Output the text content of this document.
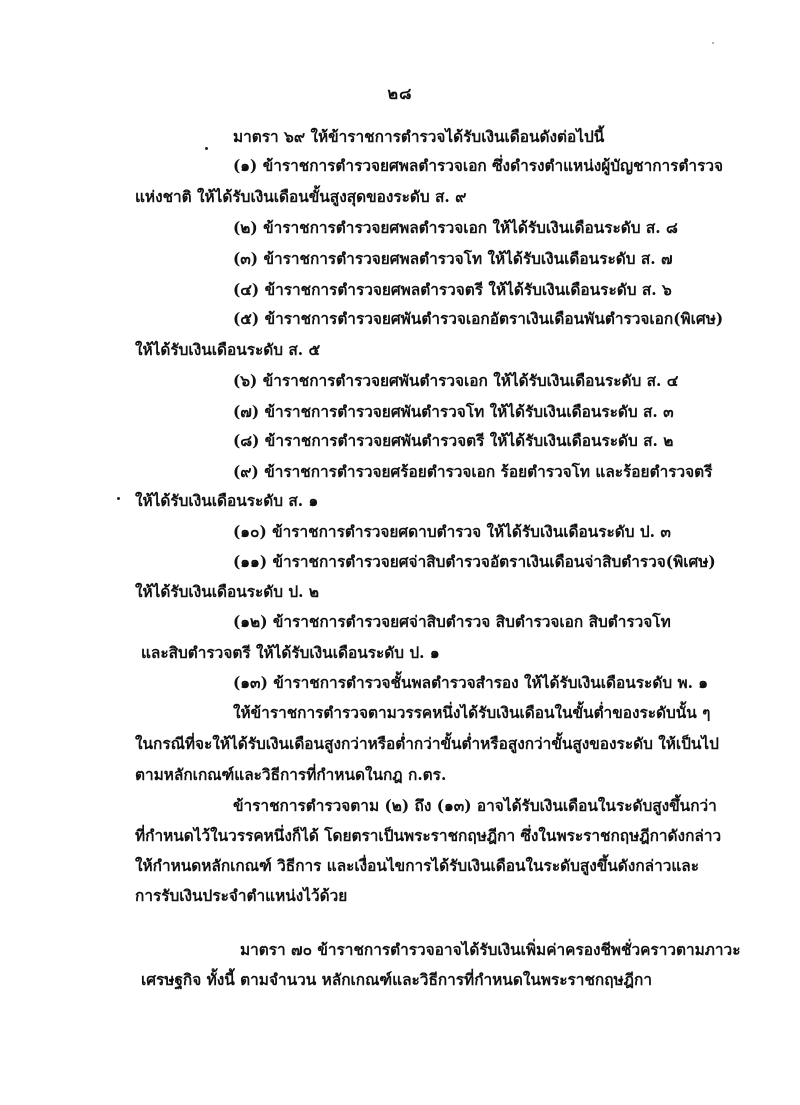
๒๘
มาตรา ๖๙ ให้ข้าราชการตำรวจได้รับเงินเดือนดังต่อไปนี้
(๑) ข้าราชการตำรวจยศพลตำรวจเอก ซึ่งดำรงตำแหน่งผู้บัญชาการตำรวจ
แห่งชาติ ให้ได้รับเงินเดือนขั้นสูงสุดของระดับ ส. ๙
(๒) ข้าราชการตำรวจยศพลตำรวจเอก ให้ได้รับเงินเดือนระดับ ส. ๘
(๓) ข้าราชการตำรวจยศพลตำรวจโท ให้ได้รับเงินเดือนระดับ ส. ๗
(๔) ข้าราชการตำรวจยศพลตำรวจตรี ให้ได้รับเงินเดือนระดับ ส. ๖
(๕) ข้าราชการตำรวจยศพันตำรวจเอกอัตราเงินเดือนพันตำรวจเอก(พิเศษ)
ให้ได้รับเงินเดือนระดับ ส. ๕
(๖) ข้าราชการตำรวจยศพันตำรวจเอก ให้ได้รับเงินเดือนระดับ ส. ๔
(๗) ข้าราชการตำรวจยศพันตำรวจโท ให้ได้รับเงินเดือนระดับ ส. ๓
(๘) ข้าราชการตำรวจยศพันตำรวจตรี ให้ได้รับเงินเดือนระดับ ส. ๒
(๙) ข้าราชการตำรวจยศร้อยตำรวจเอก ร้อยตำรวจโท และร้อยตำรวจตรี
ให้ได้รับเงินเดือนระดับ ส. ๑
(๑๐) ข้าราชการตำรวจยศดาบตำรวจ ให้ได้รับเงินเดือนระดับ ป. ๓
(๑๑) ข้าราชการตำรวจยศจ่าสิบตำรวจอัตราเงินเดือนจ่าสิบตำรวจ(พิเศษ)
ให้ได้รับเงินเดือนระดับ ป. ๒
(๑๒) ข้าราชการตำรวจยศจ่าสิบตำรวจ สิบตำรวจเอก สิบตำรวจโท
และสิบตำรวจตรี ให้ได้รับเงินเดือนระดับ ป. ๑
(๑๓) ข้าราชการตำรวจชั้นพลตำรวจสำรอง ให้ได้รับเงินเดือนระดับ พ. ๑
ให้ข้าราชการตำรวจตามวรรคหนึ่งได้รับเงินเดือนในขั้นต่ำของระดับนั้น ๆ
ในกรณีที่จะให้ได้รับเงินเดือนสูงกว่าหรือต่ำกว่าขั้นต่ำหรือสูงกว่าขั้นสูงของระดับ ให้เป็นไป
ตามหลักเกณฑ์และวิธีการที่กำหนดในกฎ ก.ตร.
ข้าราชการตำรวจตาม (๒) ถึง (๑๓) อาจได้รับเงินเดือนในระดับสูงขึ้นกว่า
ที่กำหนดไว้ในวรรคหนึ่งก็ได้ โดยตราเป็นพระราชกฤษฎีกา ซึ่งในพระราชกฤษฎีกาดังกล่าว
ให้กำหนดหลักเกณฑ์ วิธีการ และเงื่อนไขการได้รับเงินเดือนในระดับสูงขึ้นดังกล่าวและ
การรับเงินประจำตำแหน่งไว้ด้วย
มาตรา ๗๐ ข้าราชการตำรวจอาจได้รับเงินเพิ่มค่าครองชีพชั่วคราวตามภาวะ
เศรษฐกิจ ทั้งนี้ ตามจำนวน หลักเกณฑ์และวิธีการที่กำหนดในพระราชกฤษฎีกา
